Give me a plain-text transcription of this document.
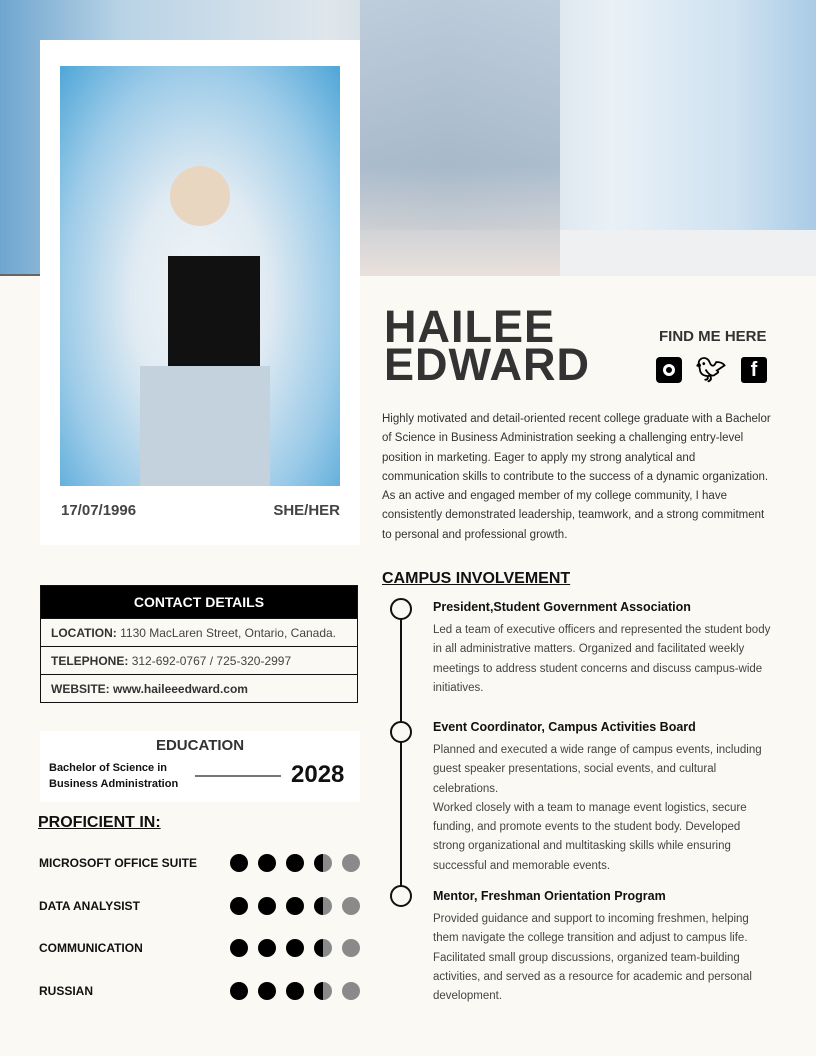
17/07/1996	SHE/HER
HAILEE
EDWARD
FIND ME HERE
🐦︎	f
Highly motivated and detail-oriented recent college graduate with a Bachelor of Science in Business Administration seeking a challenging entry-level position in marketing. Eager to apply my strong analytical and communication skills to contribute to the success of a dynamic organization. As an active and engaged member of my college community, I have consistently demonstrated leadership, teamwork, and a strong commitment to personal and professional growth.
CONTACT DETAILS
LOCATION: 1130 MacLaren Street, Ontario, Canada.
TELEPHONE: 312-692-0767 / 725-320-2997
WEBSITE: www.haileeedward.com
EDUCATION
Bachelor of Science in
Business Administration	2028
PROFICIENT IN:
MICROSOFT OFFICE SUITE
DATA ANALYSIST
COMMUNICATION
RUSSIAN
CAMPUS INVOLVEMENT
President,Student Government Association

Led a team of executive officers and represented the student body in all administrative matters. Organized and facilitated weekly meetings to address student concerns and discuss campus-wide initiatives.

Event Coordinator, Campus Activities Board

Planned and executed a wide range of campus events, including guest speaker presentations, social events, and cultural celebrations.

Worked closely with a team to manage event logistics, secure funding, and promote events to the student body. Developed strong organizational and multitasking skills while ensuring successful and memorable events.

Mentor, Freshman Orientation Program

Provided guidance and support to incoming freshmen, helping them navigate the college transition and adjust to campus life. Facilitated small group discussions, organized team-building activities, and served as a resource for academic and personal development.
